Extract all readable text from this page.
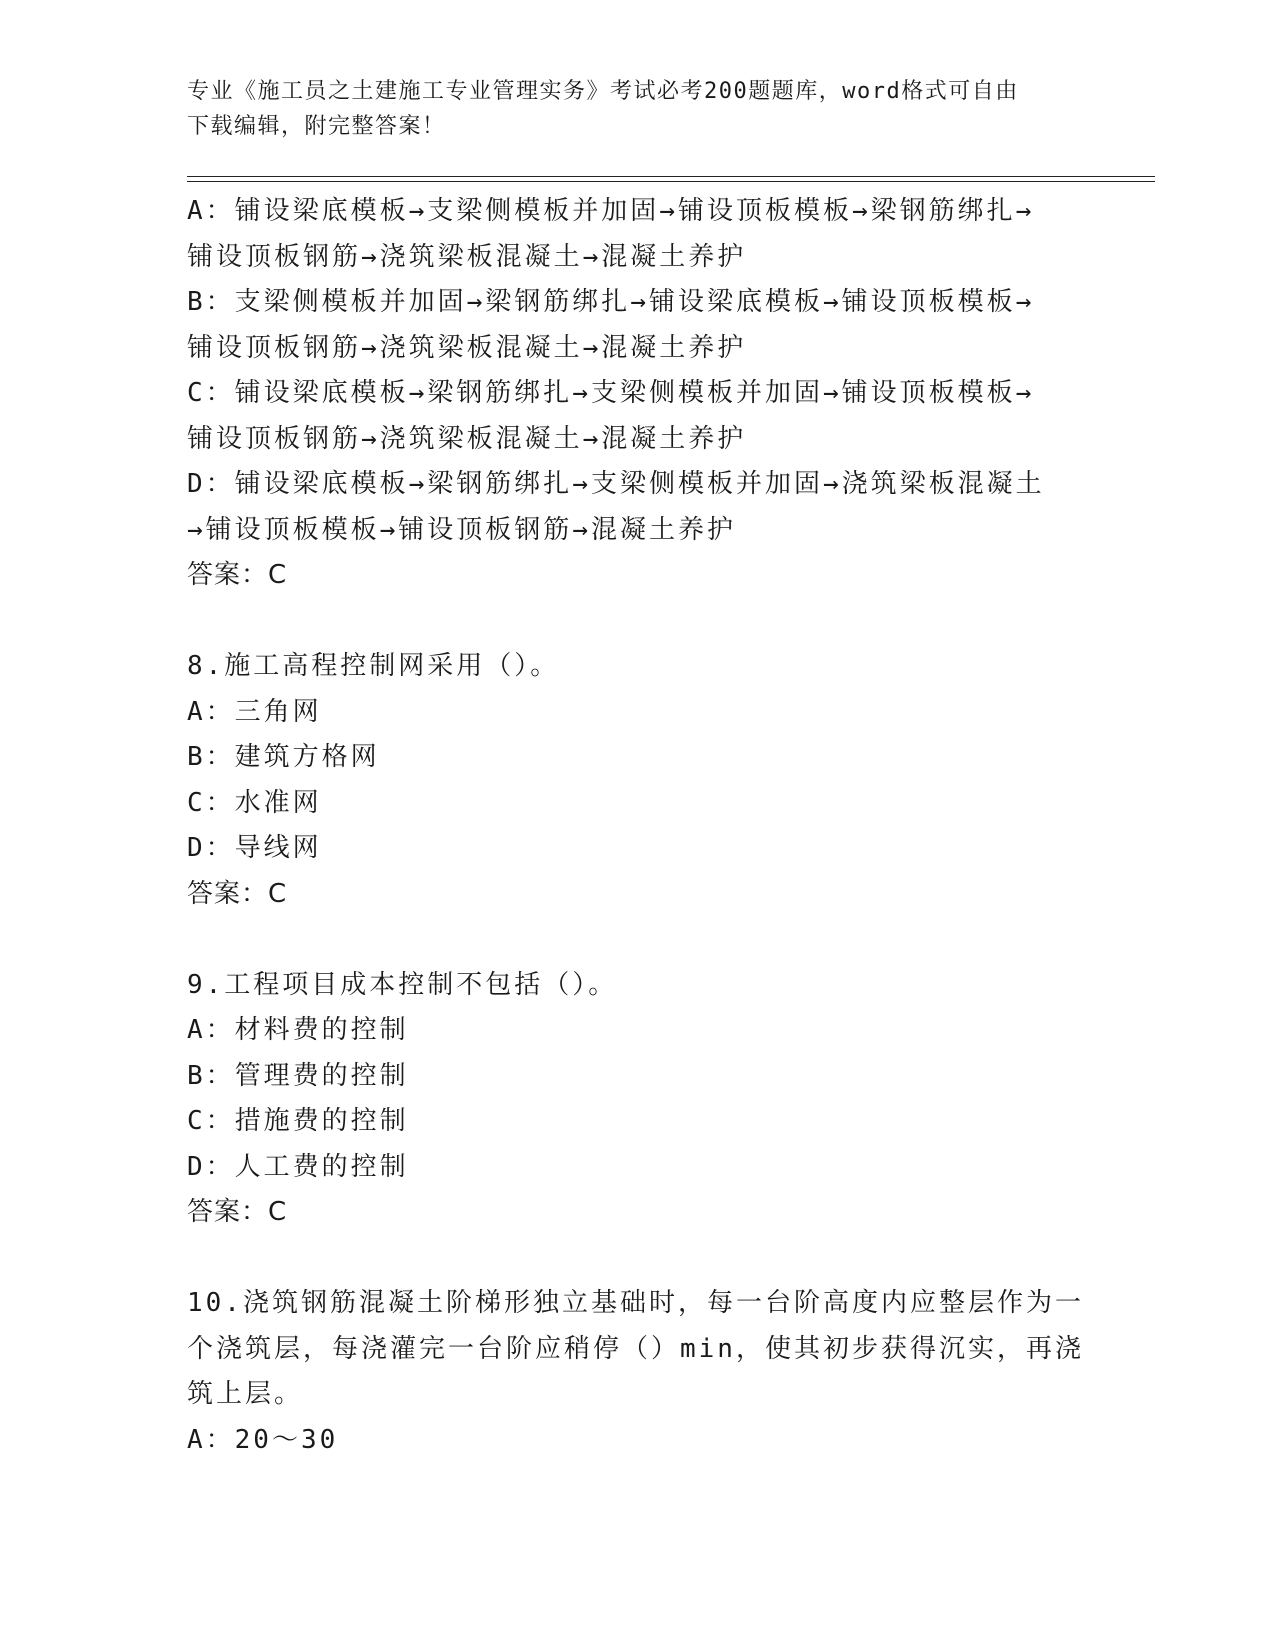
专业《施工员之土建施工专业管理实务》考试必考200题题库，word格式可自由
下载编辑，附完整答案！
A：铺设梁底模板→支梁侧模板并加固→铺设顶板模板→梁钢筋绑扎→
铺设顶板钢筋→浇筑梁板混凝土→混凝土养护
B：支梁侧模板并加固→梁钢筋绑扎→铺设梁底模板→铺设顶板模板→
铺设顶板钢筋→浇筑梁板混凝土→混凝土养护
C：铺设梁底模板→梁钢筋绑扎→支梁侧模板并加固→铺设顶板模板→
铺设顶板钢筋→浇筑梁板混凝土→混凝土养护
D：铺设梁底模板→梁钢筋绑扎→支梁侧模板并加固→浇筑梁板混凝土
→铺设顶板模板→铺设顶板钢筋→混凝土养护
答案：C
8.施工高程控制网采用（）。
A：三角网
B：建筑方格网
C：水准网
D：导线网
答案：C
9.工程项目成本控制不包括（）。
A：材料费的控制
B：管理费的控制
C：措施费的控制
D：人工费的控制
答案：C
10.浇筑钢筋混凝土阶梯形独立基础时，每一台阶高度内应整层作为一
个浇筑层，每浇灌完一台阶应稍停（）min，使其初步获得沉实，再浇
筑上层。
A：20～30
